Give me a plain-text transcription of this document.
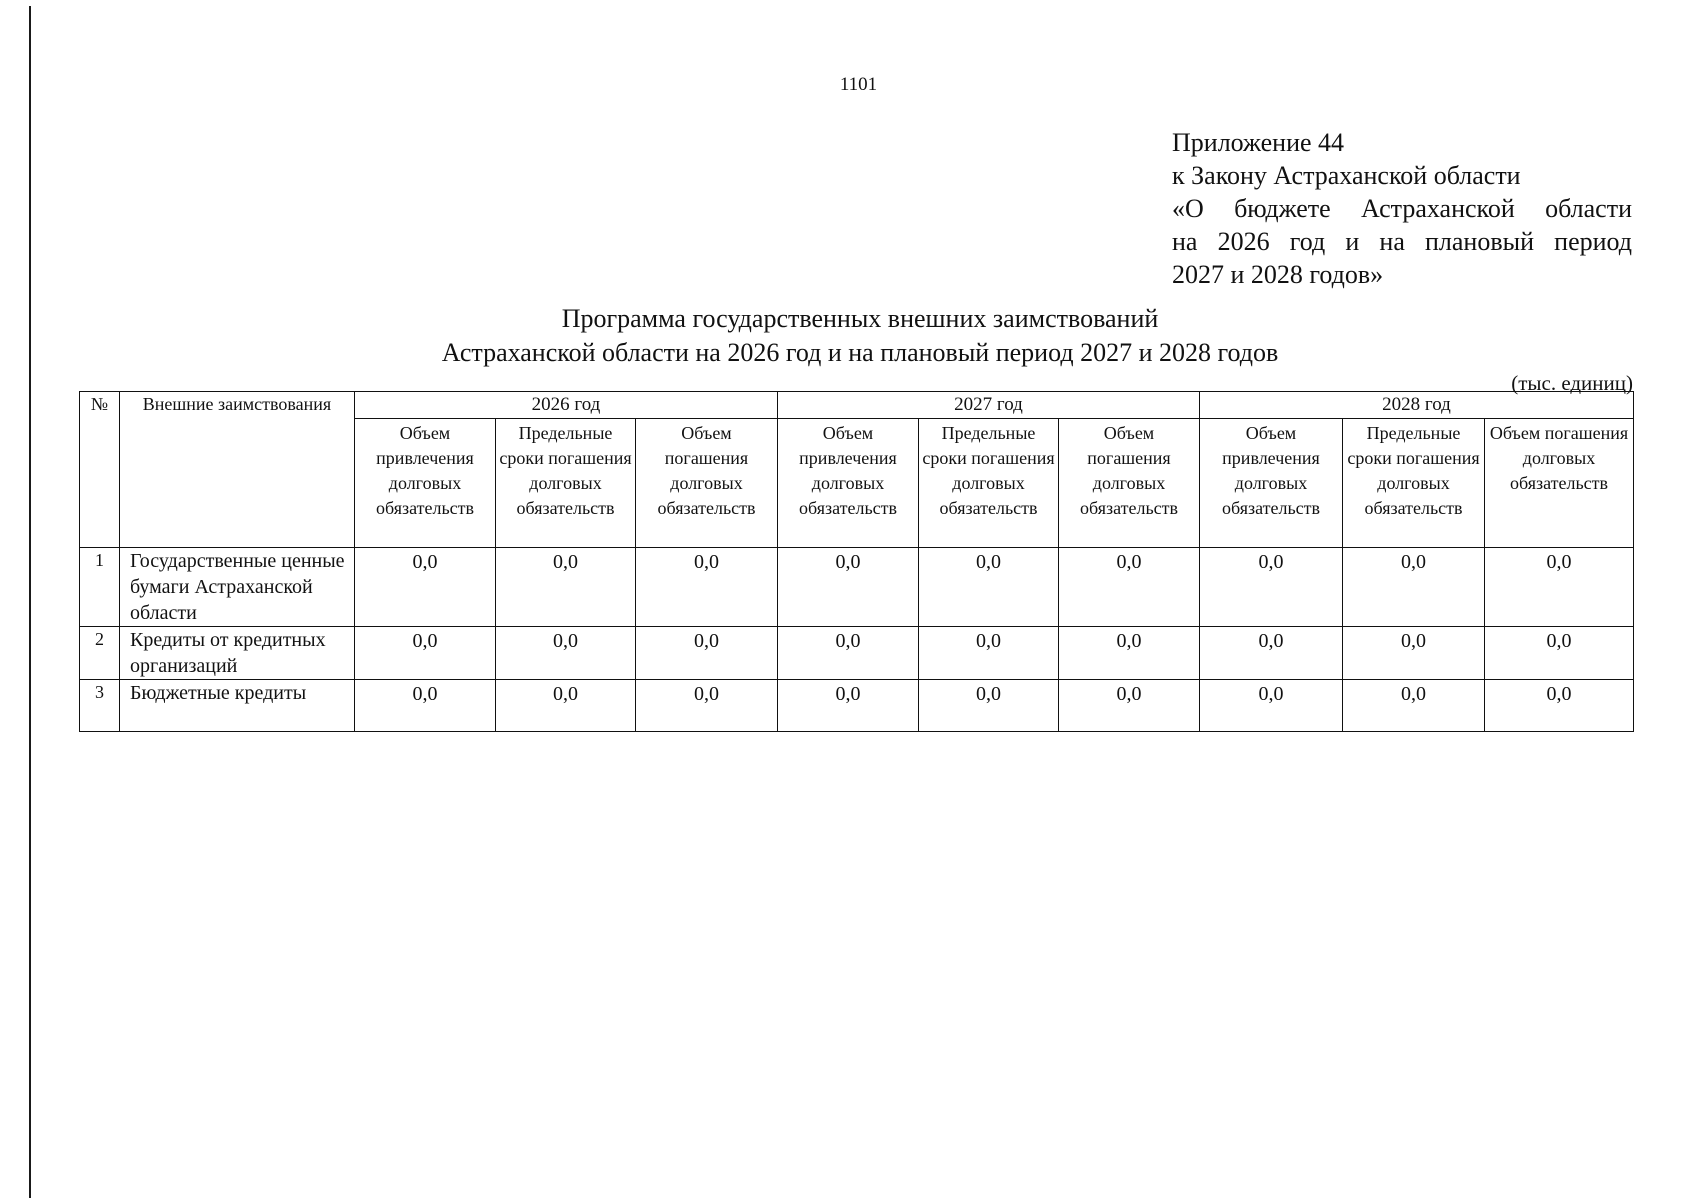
1101
Приложение 44
к Закону Астраханской области
«О бюджете Астраханской области
на 2026 год и на плановый период
2027 и 2028 годов»
Программа государственных внешних заимствований
Астраханской области на 2026 год и на плановый период 2027 и 2028 годов
(тыс. единиц)
№	Внешние заимствования	2026 год			2027 год			2028 год		
		Объем привлечения долговых обязательств	Предельные сроки погашения долговых обязательств	Объем погашения долговых обязательств	Объем привлечения долговых обязательств	Предельные сроки погашения долговых обязательств	Объем погашения долговых обязательств	Объем привлечения долговых обязательств	Предельные сроки погашения долговых обязательств	Объем погашения долговых обязательств
1	Государственные ценные бумаги Астраханской области	0,0	0,0	0,0	0,0	0,0	0,0	0,0	0,0	0,0
2	Кредиты от кредитных организаций	0,0	0,0	0,0	0,0	0,0	0,0	0,0	0,0	0,0
3	Бюджетные кредиты	0,0	0,0	0,0	0,0	0,0	0,0	0,0	0,0	0,0
